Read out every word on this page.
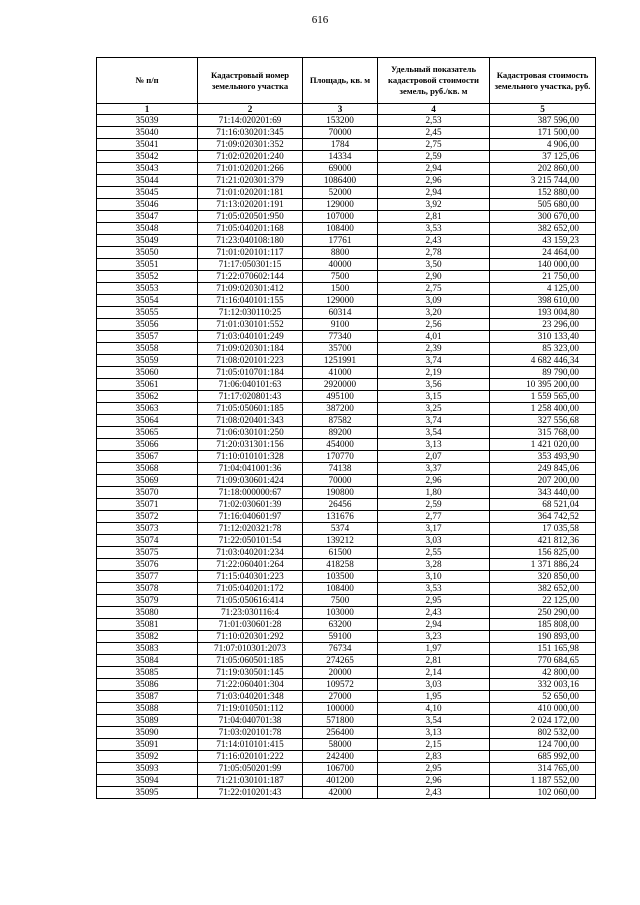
616
№ п/п	Кадастровый номер земельного участка	Площадь, кв. м	Удельный показатель кадастровой стоимости земель, руб./кв. м	Кадастровая стоимость земельного участка, руб.
1	2	3	4	5
35039	71:14:020201:69	153200	2,53	387 596,00
35040	71:16:030201:345	70000	2,45	171 500,00
35041	71:09:020301:352	1784	2,75	4 906,00
35042	71:02:020201:240	14334	2,59	37 125,06
35043	71:01:020201:266	69000	2,94	202 860,00
35044	71:21:020301:379	1086400	2,96	3 215 744,00
35045	71:01:020201:181	52000	2,94	152 880,00
35046	71:13:020201:191	129000	3,92	505 680,00
35047	71:05:020501:950	107000	2,81	300 670,00
35048	71:05:040201:168	108400	3,53	382 652,00
35049	71:23:040108:180	17761	2,43	43 159,23
35050	71:01:020101:117	8800	2,78	24 464,00
35051	71:17:050301:15	40000	3,50	140 000,00
35052	71:22:070602:144	7500	2,90	21 750,00
35053	71:09:020301:412	1500	2,75	4 125,00
35054	71:16:040101:155	129000	3,09	398 610,00
35055	71:12:030110:25	60314	3,20	193 004,80
35056	71:01:030101:552	9100	2,56	23 296,00
35057	71:03:040101:249	77340	4,01	310 133,40
35058	71:09:020301:184	35700	2,39	85 323,00
35059	71:08:020101:223	1251991	3,74	4 682 446,34
35060	71:05:010701:184	41000	2,19	89 790,00
35061	71:06:040101:63	2920000	3,56	10 395 200,00
35062	71:17:020801:43	495100	3,15	1 559 565,00
35063	71:05:050601:185	387200	3,25	1 258 400,00
35064	71:08:020401:343	87582	3,74	327 556,68
35065	71:06:030101:250	89200	3,54	315 768,00
35066	71:20:031301:156	454000	3,13	1 421 020,00
35067	71:10:010101:328	170770	2,07	353 493,90
35068	71:04:041001:36	74138	3,37	249 845,06
35069	71:09:030601:424	70000	2,96	207 200,00
35070	71:18:000000:67	190800	1,80	343 440,00
35071	71:02:030601:39	26456	2,59	68 521,04
35072	71:16:040601:97	131676	2,77	364 742,52
35073	71:12:020321:78	5374	3,17	17 035,58
35074	71:22:050101:54	139212	3,03	421 812,36
35075	71:03:040201:234	61500	2,55	156 825,00
35076	71:22:060401:264	418258	3,28	1 371 886,24
35077	71:15:040301:223	103500	3,10	320 850,00
35078	71:05:040201:172	108400	3,53	382 652,00
35079	71:05:050616:414	7500	2,95	22 125,00
35080	71:23:030116:4	103000	2,43	250 290,00
35081	71:01:030601:28	63200	2,94	185 808,00
35082	71:10:020301:292	59100	3,23	190 893,00
35083	71:07:010301:2073	76734	1,97	151 165,98
35084	71:05:060501:185	274265	2,81	770 684,65
35085	71:19:030501:145	20000	2,14	42 800,00
35086	71:22:060401:304	109572	3,03	332 003,16
35087	71:03:040201:348	27000	1,95	52 650,00
35088	71:19:010501:112	100000	4,10	410 000,00
35089	71:04:040701:38	571800	3,54	2 024 172,00
35090	71:03:020101:78	256400	3,13	802 532,00
35091	71:14:010101:415	58000	2,15	124 700,00
35092	71:16:020101:222	242400	2,83	685 992,00
35093	71:05:050201:99	106700	2,95	314 765,00
35094	71:21:030101:187	401200	2,96	1 187 552,00
35095	71:22:010201:43	42000	2,43	102 060,00
